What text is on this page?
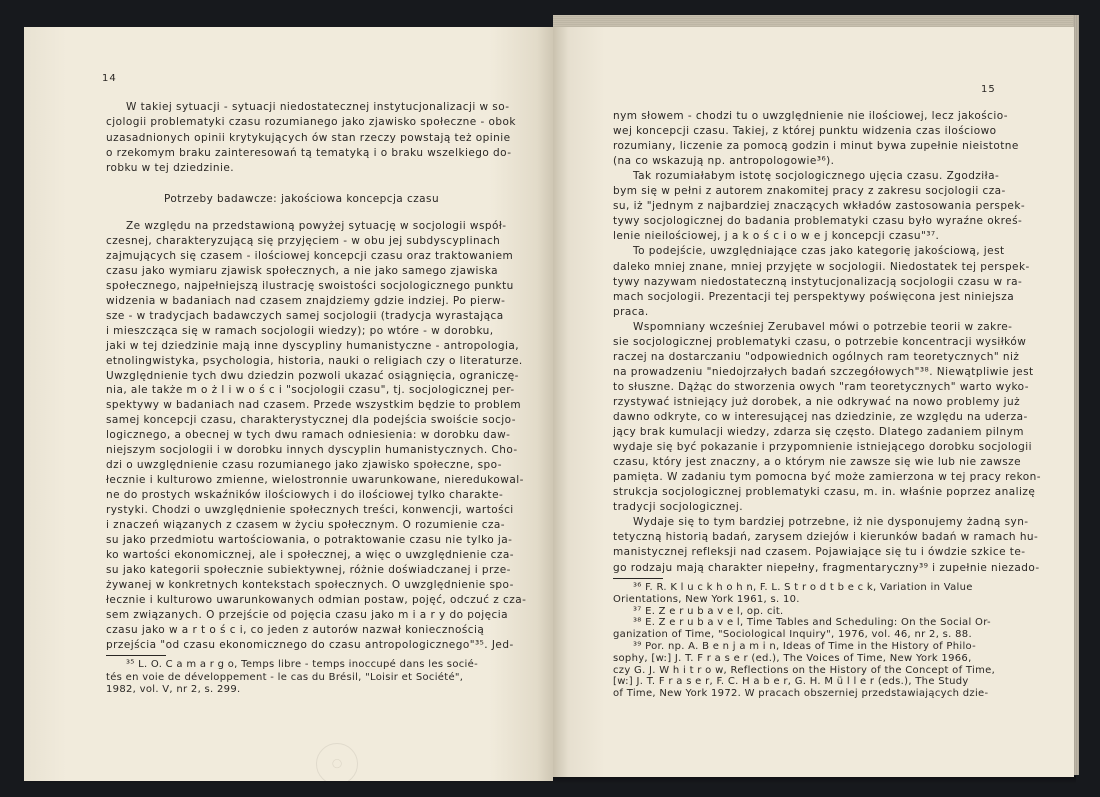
14
W takiej sytuacji - sytuacji niedostatecznej instytucjonalizacji w so-
cjologii problematyki czasu rozumianego jako zjawisko społeczne - obok
uzasadnionych opinii krytykujących ów stan rzeczy powstają też opinie
o rzekomym braku zainteresowań tą tematyką i o braku wszelkiego do-
robku w tej dziedzinie.
Potrzeby badawcze: jakościowa koncepcja czasu
Ze względu na przedstawioną powyżej sytuację w socjologii współ-
czesnej, charakteryzującą się przyjęciem - w obu jej subdyscyplinach
zajmujących się czasem - ilościowej koncepcji czasu oraz traktowaniem
czasu jako wymiaru zjawisk społecznych, a nie jako samego zjawiska
społecznego, najpełniejszą ilustrację swoistości socjologicznego punktu
widzenia w badaniach nad czasem znajdziemy gdzie indziej. Po pierw-
sze - w tradycjach badawczych samej socjologii (tradycja wyrastająca
i mieszcząca się w ramach socjologii wiedzy); po wtóre - w dorobku,
jaki w tej dziedzinie mają inne dyscypliny humanistyczne - antropologia,
etnolingwistyka, psychologia, historia, nauki o religiach czy o literaturze.
Uwzględnienie tych dwu dziedzin pozwoli ukazać osiągnięcia, ograniczę-
nia, ale także m o ż l i w o ś c i "socjologii czasu", tj. socjologicznej per-
spektywy w badaniach nad czasem. Przede wszystkim będzie to problem
samej koncepcji czasu, charakterystycznej dla podejścia swoiście socjo-
logicznego, a obecnej w tych dwu ramach odniesienia: w dorobku daw-
niejszym socjologii i w dorobku innych dyscyplin humanistycznych. Cho-
dzi o uwzględnienie czasu rozumianego jako zjawisko społeczne, spo-
łecznie i kulturowo zmienne, wielostronnie uwarunkowane, nieredukowal-
ne do prostych wskaźników ilościowych i do ilościowej tylko charakte-
rystyki. Chodzi o uwzględnienie społecznych treści, konwencji, wartości
i znaczeń wiązanych z czasem w życiu społecznym. O rozumienie cza-
su jako przedmiotu wartościowania, o potraktowanie czasu nie tylko ja-
ko wartości ekonomicznej, ale i społecznej, a więc o uwzględnienie cza-
su jako kategorii społecznie subiektywnej, różnie doświadczanej i prze-
żywanej w konkretnych kontekstach społecznych. O uwzględnienie spo-
łecznie i kulturowo uwarunkowanych odmian postaw, pojęć, odczuć z cza-
sem związanych. O przejście od pojęcia czasu jako m i a r y do pojęcia
czasu jako w a r t o ś c i, co jeden z autorów nazwał koniecznością
przejścia "od czasu ekonomicznego do czasu antropologicznego"³⁵. Jed-
³⁵ L. O. C a m a r g o, Temps libre - temps inoccupé dans les socié-
tés en voie de développement - le cas du Brésil, "Loisir et Société",
1982, vol. V, nr 2, s. 299.
◯
15
nym słowem - chodzi tu o uwzględnienie nie ilościowej, lecz jakościo-
wej koncepcji czasu. Takiej, z której punktu widzenia czas ilościowo
rozumiany, liczenie za pomocą godzin i minut bywa zupełnie nieistotne
(na co wskazują np. antropologowie³⁶).
Tak rozumiałabym istotę socjologicznego ujęcia czasu. Zgodziła-
bym się w pełni z autorem znakomitej pracy z zakresu socjologii cza-
su, iż "jednym z najbardziej znaczących wkładów zastosowania perspek-
tywy socjologicznej do badania problematyki czasu było wyraźne okreś-
lenie nieilościowej, j a k o ś c i o w e j koncepcji czasu"³⁷.
To podejście, uwzględniające czas jako kategorię jakościową, jest
daleko mniej znane, mniej przyjęte w socjologii. Niedostatek tej perspek-
tywy nazywam niedostateczną instytucjonalizacją socjologii czasu w ra-
mach socjologii. Prezentacji tej perspektywy poświęcona jest niniejsza
praca.
Wspomniany wcześniej Zerubavel mówi o potrzebie teorii w zakre-
sie socjologicznej problematyki czasu, o potrzebie koncentracji wysiłków
raczej na dostarczaniu "odpowiednich ogólnych ram teoretycznych" niż
na prowadzeniu "niedojrzałych badań szczegółowych"³⁸. Niewątpliwie jest
to słuszne. Dążąc do stworzenia owych "ram teoretycznych" warto wyko-
rzystywać istniejący już dorobek, a nie odkrywać na nowo problemy już
dawno odkryte, co w interesującej nas dziedzinie, ze względu na uderza-
jący brak kumulacji wiedzy, zdarza się często. Dlatego zadaniem pilnym
wydaje się być pokazanie i przypomnienie istniejącego dorobku socjologii
czasu, który jest znaczny, a o którym nie zawsze się wie lub nie zawsze
pamięta. W zadaniu tym pomocna być może zamierzona w tej pracy rekon-
strukcja socjologicznej problematyki czasu, m. in. właśnie poprzez analizę
tradycji socjologicznej.
Wydaje się to tym bardziej potrzebne, iż nie dysponujemy żadną syn-
tetyczną historią badań, zarysem dziejów i kierunków badań w ramach hu-
manistycznej refleksji nad czasem. Pojawiające się tu i ówdzie szkice te-
go rodzaju mają charakter niepełny, fragmentaryczny³⁹ i zupełnie niezado-
³⁶ F. R. K l u c k h o h n, F. L. S t r o d t b e c k, Variation in Value
Orientations, New York 1961, s. 10.
³⁷ E. Z e r u b a v e l, op. cit.
³⁸ E. Z e r u b a v e l, Time Tables and Scheduling: On the Social Or-
ganization of Time, "Sociological Inquiry", 1976, vol. 46, nr 2, s. 88.
³⁹ Por. np. A. B e n j a m i n, Ideas of Time in the History of Philo-
sophy, [w:] J. T. F r a s e r (ed.), The Voices of Time, New York 1966,
czy G. J. W h i t r o w, Reflections on the History of the Concept of Time,
[w:] J. T. F r a s e r, F. C. H a b e r, G. H. M ü l l e r (eds.), The Study
of Time, New York 1972. W pracach obszerniej przedstawiających dzie-
